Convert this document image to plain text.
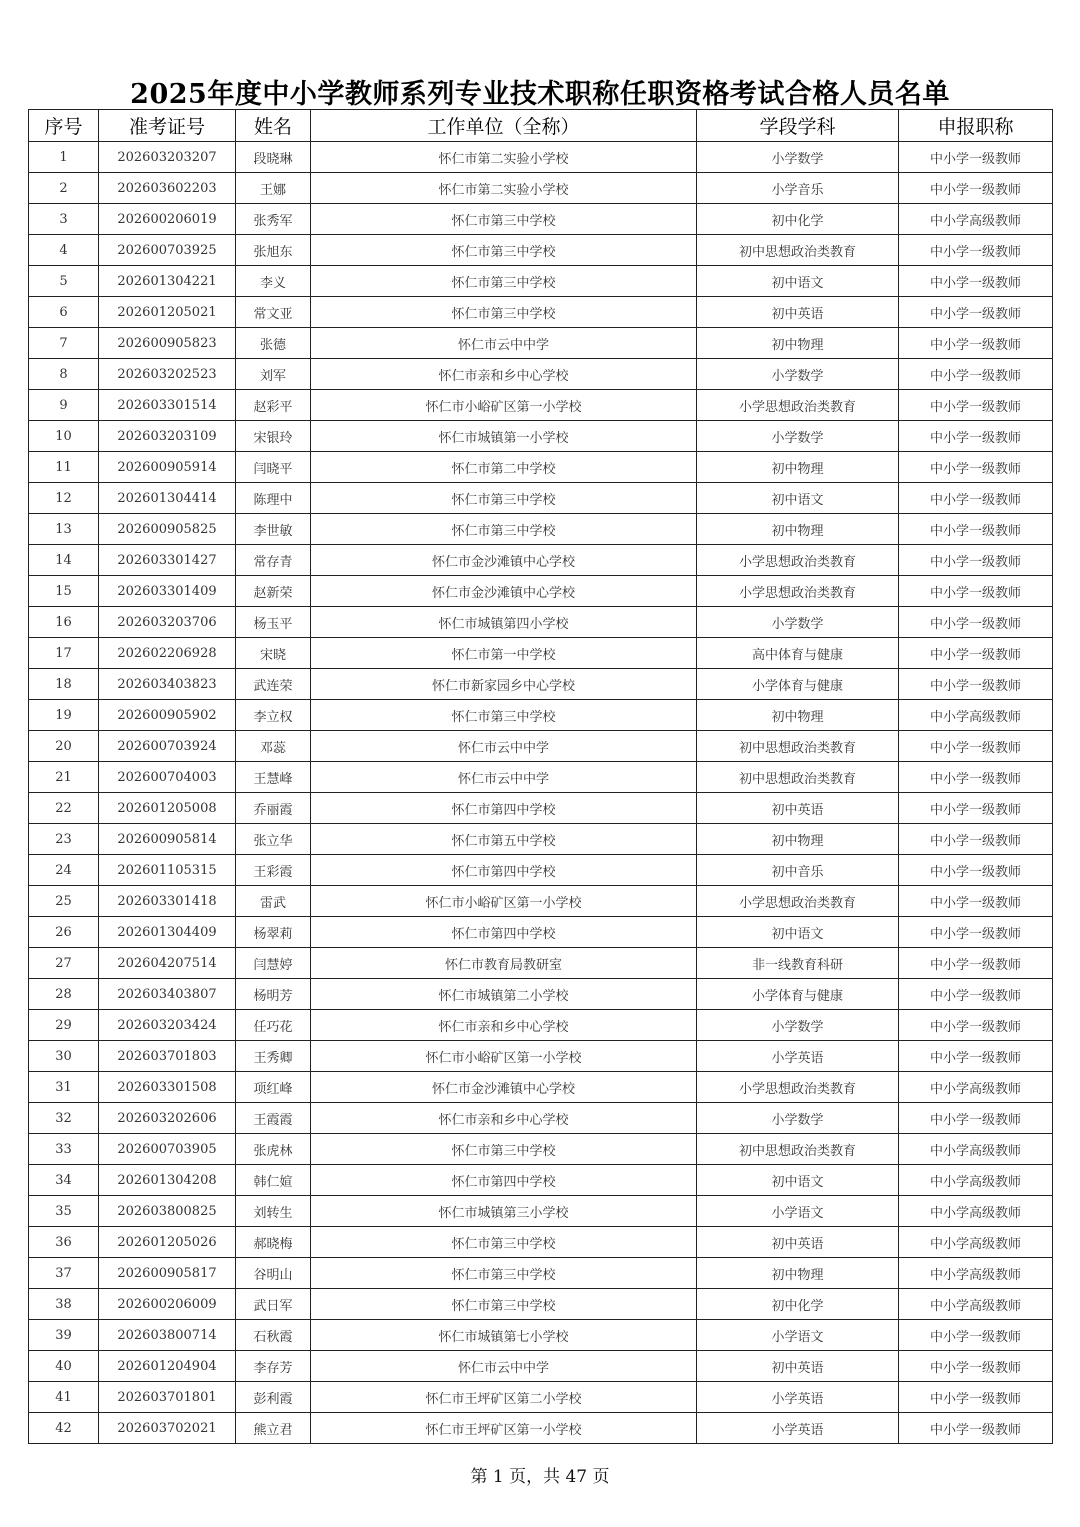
2025年度中小学教师系列专业技术职称任职资格考试合格人员名单
序号	准考证号	姓名	工作单位（全称）	学段学科	申报职称
1	202603203207	段晓琳	怀仁市第二实验小学校	小学数学	中小学一级教师
2	202603602203	王娜	怀仁市第二实验小学校	小学音乐	中小学一级教师
3	202600206019	张秀军	怀仁市第三中学校	初中化学	中小学高级教师
4	202600703925	张旭东	怀仁市第三中学校	初中思想政治类教育	中小学一级教师
5	202601304221	李义	怀仁市第三中学校	初中语文	中小学一级教师
6	202601205021	常文亚	怀仁市第三中学校	初中英语	中小学一级教师
7	202600905823	张德	怀仁市云中中学	初中物理	中小学一级教师
8	202603202523	刘军	怀仁市亲和乡中心学校	小学数学	中小学一级教师
9	202603301514	赵彩平	怀仁市小峪矿区第一小学校	小学思想政治类教育	中小学一级教师
10	202603203109	宋银玲	怀仁市城镇第一小学校	小学数学	中小学一级教师
11	202600905914	闫晓平	怀仁市第二中学校	初中物理	中小学一级教师
12	202601304414	陈理中	怀仁市第三中学校	初中语文	中小学一级教师
13	202600905825	李世敏	怀仁市第三中学校	初中物理	中小学一级教师
14	202603301427	常存青	怀仁市金沙滩镇中心学校	小学思想政治类教育	中小学一级教师
15	202603301409	赵新荣	怀仁市金沙滩镇中心学校	小学思想政治类教育	中小学一级教师
16	202603203706	杨玉平	怀仁市城镇第四小学校	小学数学	中小学一级教师
17	202602206928	宋晓	怀仁市第一中学校	高中体育与健康	中小学一级教师
18	202603403823	武连荣	怀仁市新家园乡中心学校	小学体育与健康	中小学一级教师
19	202600905902	李立权	怀仁市第三中学校	初中物理	中小学高级教师
20	202600703924	邓蕊	怀仁市云中中学	初中思想政治类教育	中小学一级教师
21	202600704003	王慧峰	怀仁市云中中学	初中思想政治类教育	中小学一级教师
22	202601205008	乔丽霞	怀仁市第四中学校	初中英语	中小学一级教师
23	202600905814	张立华	怀仁市第五中学校	初中物理	中小学一级教师
24	202601105315	王彩霞	怀仁市第四中学校	初中音乐	中小学一级教师
25	202603301418	雷武	怀仁市小峪矿区第一小学校	小学思想政治类教育	中小学一级教师
26	202601304409	杨翠莉	怀仁市第四中学校	初中语文	中小学一级教师
27	202604207514	闫慧婷	怀仁市教育局教研室	非一线教育科研	中小学一级教师
28	202603403807	杨明芳	怀仁市城镇第二小学校	小学体育与健康	中小学一级教师
29	202603203424	任巧花	怀仁市亲和乡中心学校	小学数学	中小学一级教师
30	202603701803	王秀卿	怀仁市小峪矿区第一小学校	小学英语	中小学一级教师
31	202603301508	项红峰	怀仁市金沙滩镇中心学校	小学思想政治类教育	中小学高级教师
32	202603202606	王霞霞	怀仁市亲和乡中心学校	小学数学	中小学一级教师
33	202600703905	张虎林	怀仁市第三中学校	初中思想政治类教育	中小学高级教师
34	202601304208	韩仁媗	怀仁市第四中学校	初中语文	中小学高级教师
35	202603800825	刘转生	怀仁市城镇第三小学校	小学语文	中小学高级教师
36	202601205026	郝晓梅	怀仁市第三中学校	初中英语	中小学高级教师
37	202600905817	谷明山	怀仁市第三中学校	初中物理	中小学高级教师
38	202600206009	武日军	怀仁市第三中学校	初中化学	中小学高级教师
39	202603800714	石秋霞	怀仁市城镇第七小学校	小学语文	中小学一级教师
40	202601204904	李存芳	怀仁市云中中学	初中英语	中小学一级教师
41	202603701801	彭利霞	怀仁市王坪矿区第二小学校	小学英语	中小学一级教师
42	202603702021	熊立君	怀仁市王坪矿区第一小学校	小学英语	中小学一级教师
第 1 页，共 47 页
